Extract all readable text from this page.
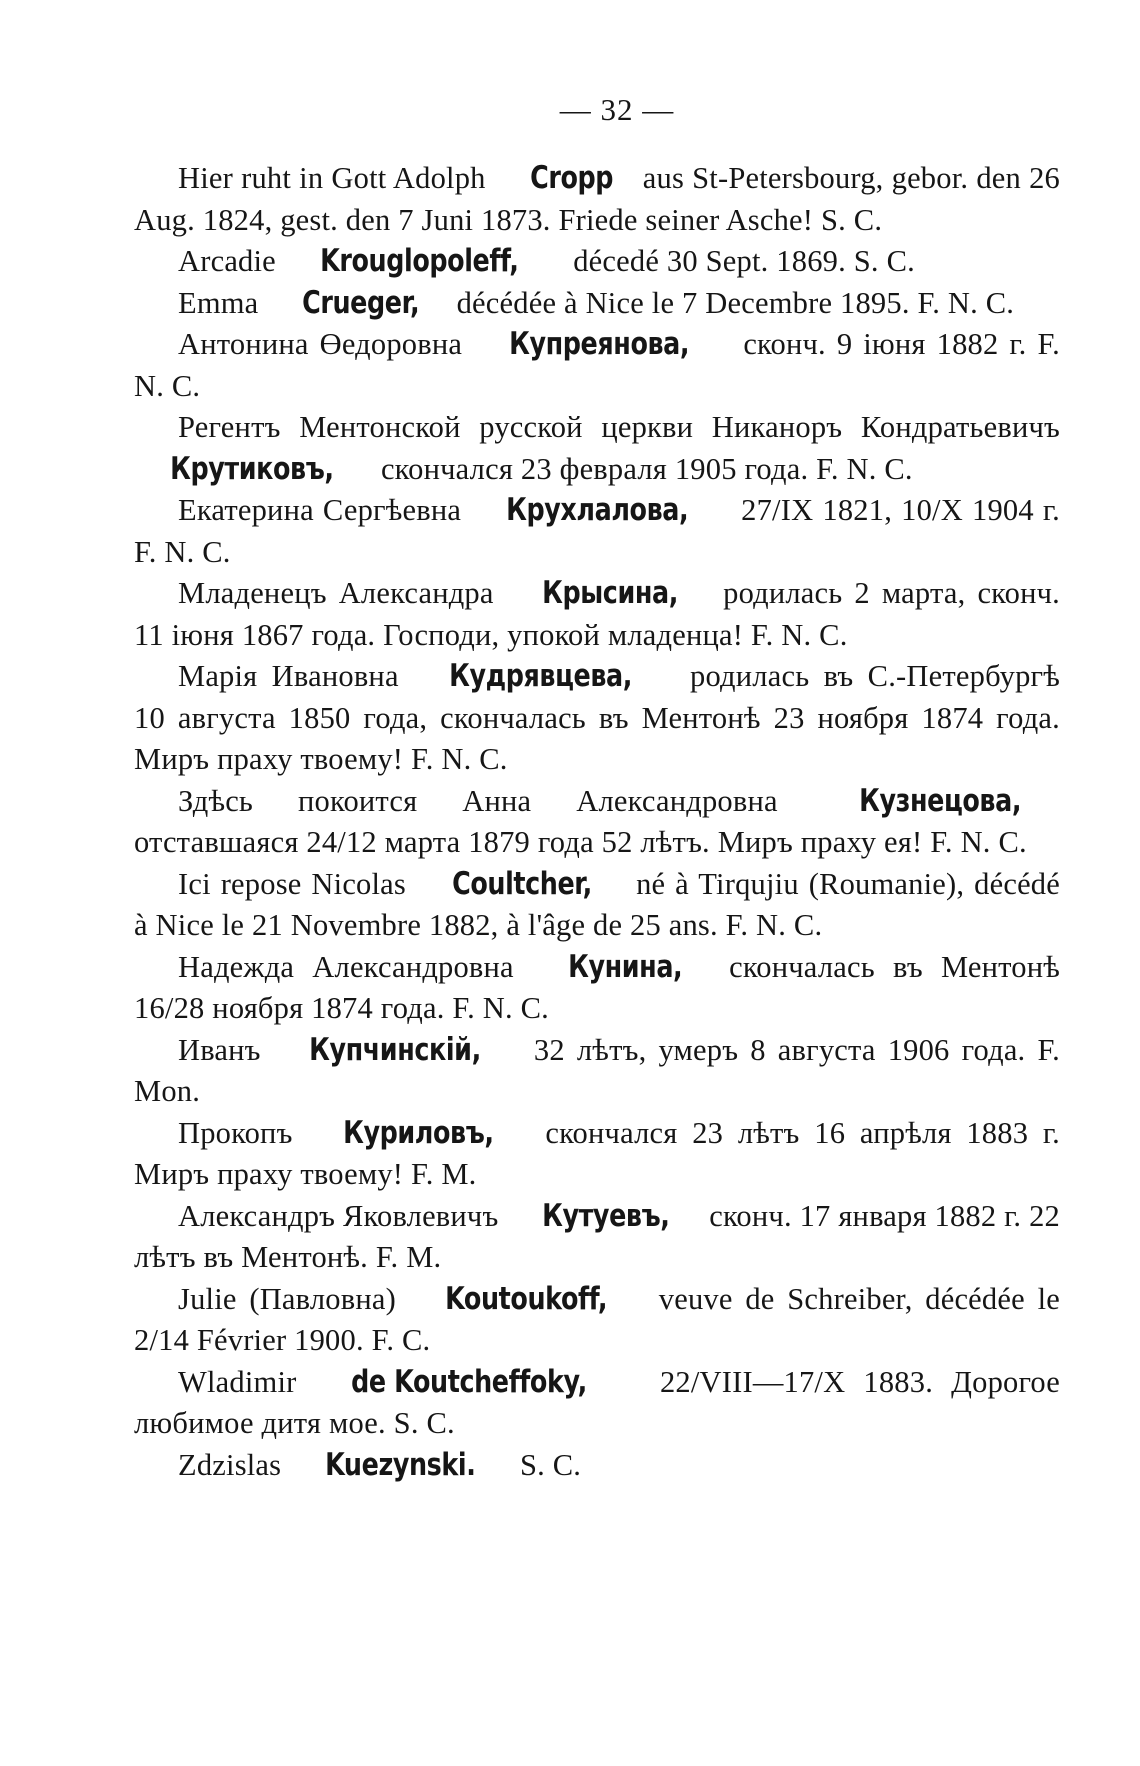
— 32 —

Hier ruht in Gott Adolph Cropp aus St-Petersbourg, gebor. den 26 Aug. 1824, gest. den 7 Juni 1873. Friede seiner Asche! S. C.

Arcadie Krouglopoleff, décedé 30 Sept. 1869. S. C.

Emma Crueger, décédée à Nice le 7 Decembre 1895. F. N. C.

Антонина Өедоровна Купреянова, сконч. 9 іюня 1882 г. F. N. C.

Регентъ Ментонской русской церкви Никаноръ Кондратьевичъ Крутиковъ, скончался 23 февраля 1905 года. F. N. C.

Екатерина Сергѣевна Крухлалова, 27/IX 1821, 10/X 1904 г. F. N. C.

Младенецъ Александра Крысина, родилась 2 марта, сконч. 11 іюня 1867 года. Господи, упокой младенца! F. N. C.

Марія Ивановна Кудрявцева, родилась въ С.-Петербургѣ 10 августа 1850 года, скончалась въ Ментонѣ 23 ноября 1874 года. Миръ праху твоему! F. N. C.

Здѣсь покоится Анна Александровна Кузнецова, отставшаяся 24/12 марта 1879 года 52 лѣтъ. Миръ праху ея! F. N. C.

Ici repose Nicolas Coultcher, né à Tirqujiu (Roumanie), décédé à Nice le 21 Novembre 1882, à l'âge de 25 ans. F. N. C.

Надежда Александровна Кунина, скончалась въ Ментонѣ 16/28 ноября 1874 года. F. N. C.

Иванъ Купчинскій, 32 лѣтъ, умеръ 8 августа 1906 года. F. Mon.

Прокопъ Куриловъ, скончался 23 лѣтъ 16 апрѣля 1883 г. Миръ праху твоему! F. M.

Александръ Яковлевичъ Кутуевъ, сконч. 17 января 1882 г. 22 лѣтъ въ Ментонѣ. F. M.

Julie (Павловна) Koutoukoff, veuve de Schreiber, décédée le 2/14 Février 1900. F. C.

Wladimir de Koutcheffoky, 22/VIII—17/X 1883. Дорогое любимое дитя мое. S. C.

Zdzislas Kuezynski. S. C.
